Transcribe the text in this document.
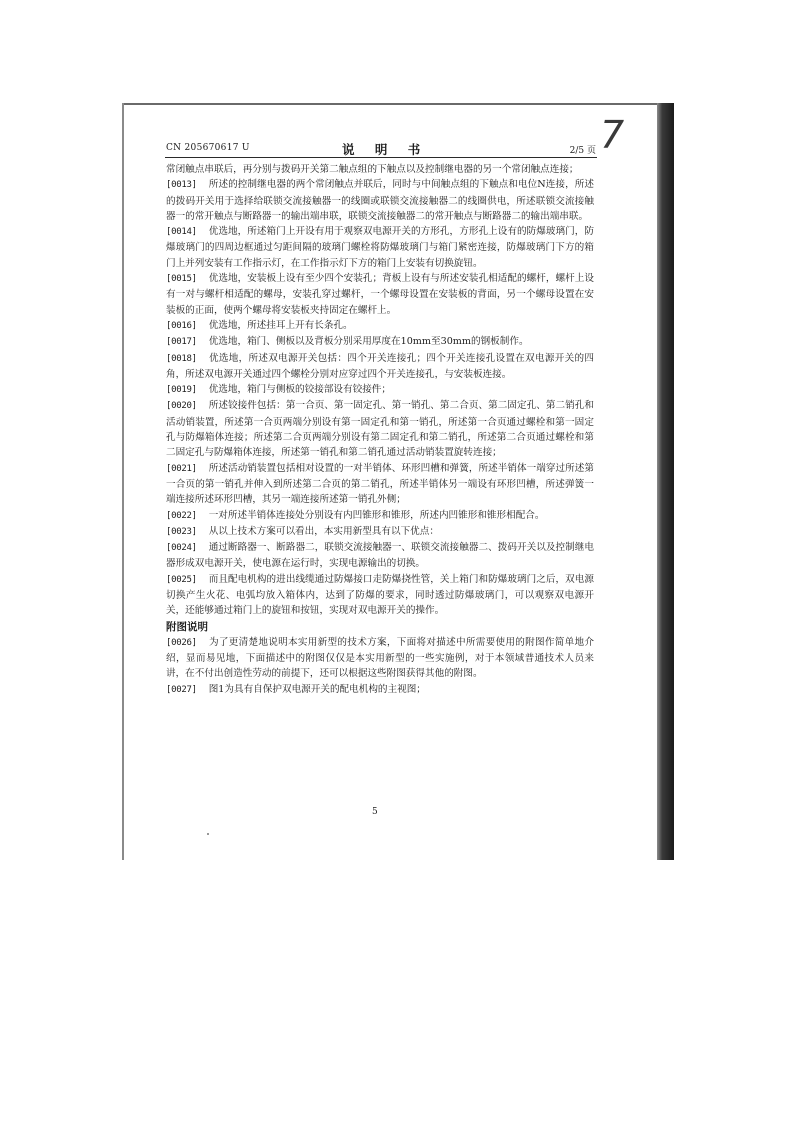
7
CN 205670617 U	说 明 书	2/5 页

常闭触点串联后，再分别与拨码开关第二触点组的下触点以及控制继电器的另一个常闭触点连接；

[0013] 所述的控制继电器的两个常闭触点并联后，同时与中间触点组的下触点和电位N连接，所述的拨码开关用于选择给联锁交流接触器一的线圈或联锁交流接触器二的线圈供电，所述联锁交流接触器一的常开触点与断路器一的输出端串联，联锁交流接触器二的常开触点与断路器二的输出端串联。

[0014] 优选地，所述箱门上开设有用于观察双电源开关的方形孔，方形孔上设有的防爆玻璃门，防爆玻璃门的四周边框通过匀距间隔的玻璃门螺栓将防爆玻璃门与箱门紧密连接，防爆玻璃门下方的箱门上并列安装有工作指示灯，在工作指示灯下方的箱门上安装有切换旋钮。

[0015] 优选地，安装板上设有至少四个安装孔；背板上设有与所述安装孔相适配的螺杆，螺杆上设有一对与螺杆相适配的螺母，安装孔穿过螺杆，一个螺母设置在安装板的背面，另一个螺母设置在安装板的正面，使两个螺母将安装板夹持固定在螺杆上。

[0016] 优选地，所述挂耳上开有长条孔。

[0017] 优选地，箱门、侧板以及背板分别采用厚度在10mm至30mm的钢板制作。

[0018] 优选地，所述双电源开关包括：四个开关连接孔；四个开关连接孔设置在双电源开关的四角，所述双电源开关通过四个螺栓分别对应穿过四个开关连接孔，与安装板连接。

[0019] 优选地，箱门与侧板的铰接部设有铰接件；

[0020] 所述铰接件包括：第一合页、第一固定孔、第一销孔、第二合页、第二固定孔、第二销孔和活动销装置，所述第一合页两端分别设有第一固定孔和第一销孔，所述第一合页通过螺栓和第一固定孔与防爆箱体连接；所述第二合页两端分别设有第二固定孔和第二销孔，所述第二合页通过螺栓和第二固定孔与防爆箱体连接，所述第一销孔和第二销孔通过活动销装置旋转连接；

[0021] 所述活动销装置包括相对设置的一对半销体、环形凹槽和弹簧，所述半销体一端穿过所述第一合页的第一销孔并伸入到所述第二合页的第二销孔，所述半销体另一端设有环形凹槽，所述弹簧一端连接所述环形凹槽，其另一端连接所述第一销孔外侧；

[0022] 一对所述半销体连接处分别设有内凹锥形和锥形，所述内凹锥形和锥形相配合。

[0023] 从以上技术方案可以看出，本实用新型具有以下优点：

[0024] 通过断路器一、断路器二，联锁交流接触器一、联锁交流接触器二、拨码开关以及控制继电器形成双电源开关，使电源在运行时，实现电源输出的切换。

[0025] 而且配电机构的进出线缆通过防爆接口走防爆挠性管，关上箱门和防爆玻璃门之后，双电源切换产生火花、电弧均放入箱体内，达到了防爆的要求，同时透过防爆玻璃门，可以观察双电源开关，还能够通过箱门上的旋钮和按钮，实现对双电源开关的操作。

附图说明

[0026] 为了更清楚地说明本实用新型的技术方案，下面将对描述中所需要使用的附图作简单地介绍，显而易见地，下面描述中的附图仅仅是本实用新型的一些实施例，对于本领域普通技术人员来讲，在不付出创造性劳动的前提下，还可以根据这些附图获得其他的附图。

[0027] 图1为具有自保护双电源开关的配电机构的主视图；

5
